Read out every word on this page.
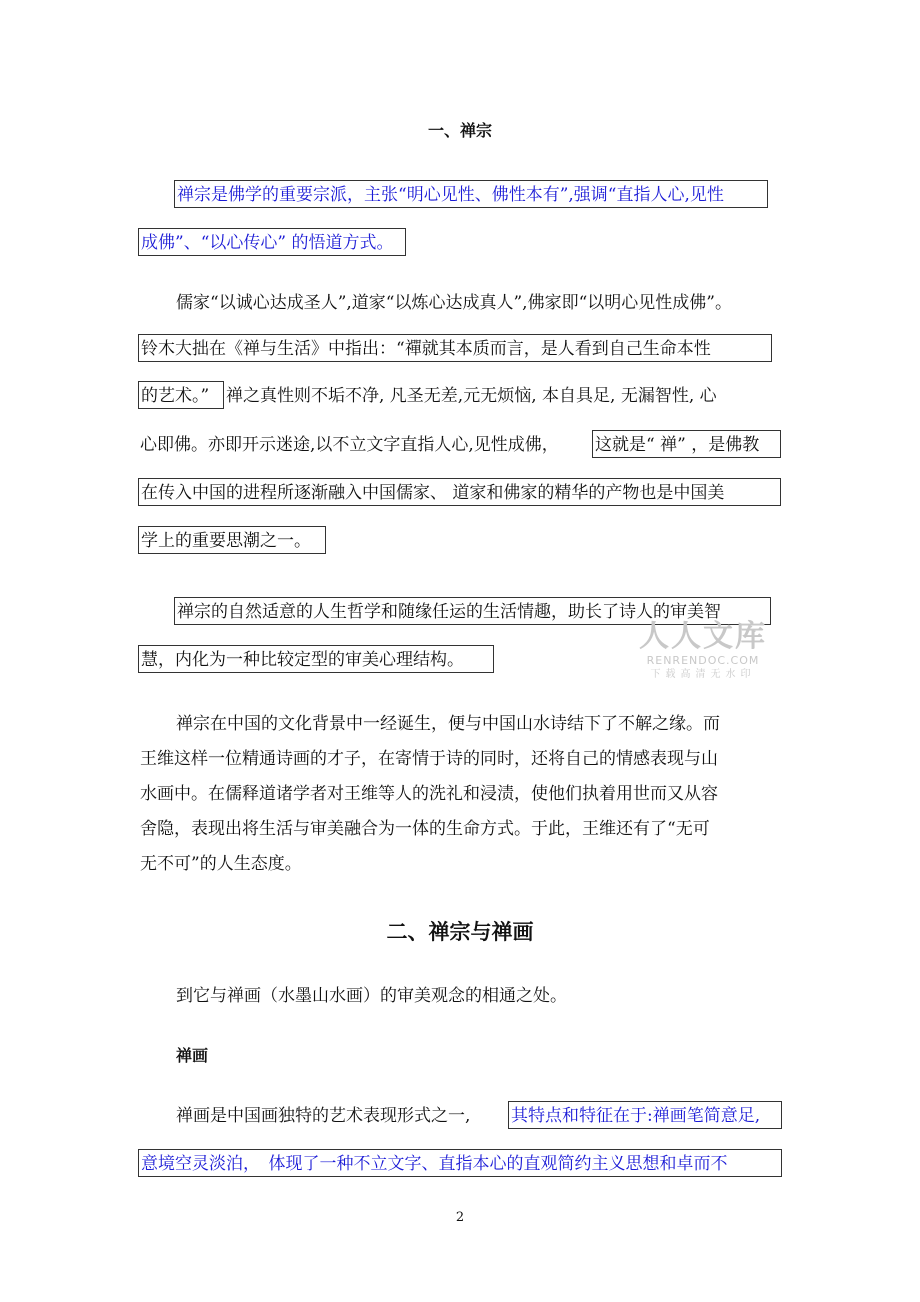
一、禅宗
禅宗是佛学的重要宗派，主张“明心见性、佛性本有”,强调“直指人心,见性
成佛”、“以心传心” 的悟道方式。
儒家“以诚心达成圣人”,道家“以炼心达成真人”,佛家即“以明心见性成佛”。
铃木大拙在《禅与生活》中指出：“禪就其本质而言，是人看到自己生命本性
的艺术。” 禅之真性则不垢不净, 凡圣无差,元无烦恼, 本自具足, 无漏智性, 心
心即佛。亦即开示迷途,以不立文字直指人心,见性成佛， 这就是“ 禅” ，是佛教
在传入中国的进程所逐渐融入中国儒家、 道家和佛家的精华的产物也是中国美
学上的重要思潮之一。
禅宗的自然适意的人生哲学和随缘任运的生活情趣，助长了诗人的审美智
慧，内化为一种比较定型的审美心理结构。
人人文库
RENRENDOC.COM
下载高清无水印
禅宗在中国的文化背景中一经诞生，便与中国山水诗结下了不解之缘。而
王维这样一位精通诗画的才子，在寄情于诗的同时，还将自己的情感表现与山
水画中。在儒释道诸学者对王维等人的洗礼和浸渍，使他们执着用世而又从容
舍隐，表现出将生活与审美融合为一体的生命方式。于此，王维还有了“无可
无不可”的人生态度。
二、禅宗与禅画
到它与禅画（水墨山水画）的审美观念的相通之处。
禅画
禅画是中国画独特的艺术表现形式之一, 其特点和特征在于:禅画笔简意足,
意境空灵淡泊，　体现了一种不立文字、直指本心的直观简约主义思想和卓而不
2
